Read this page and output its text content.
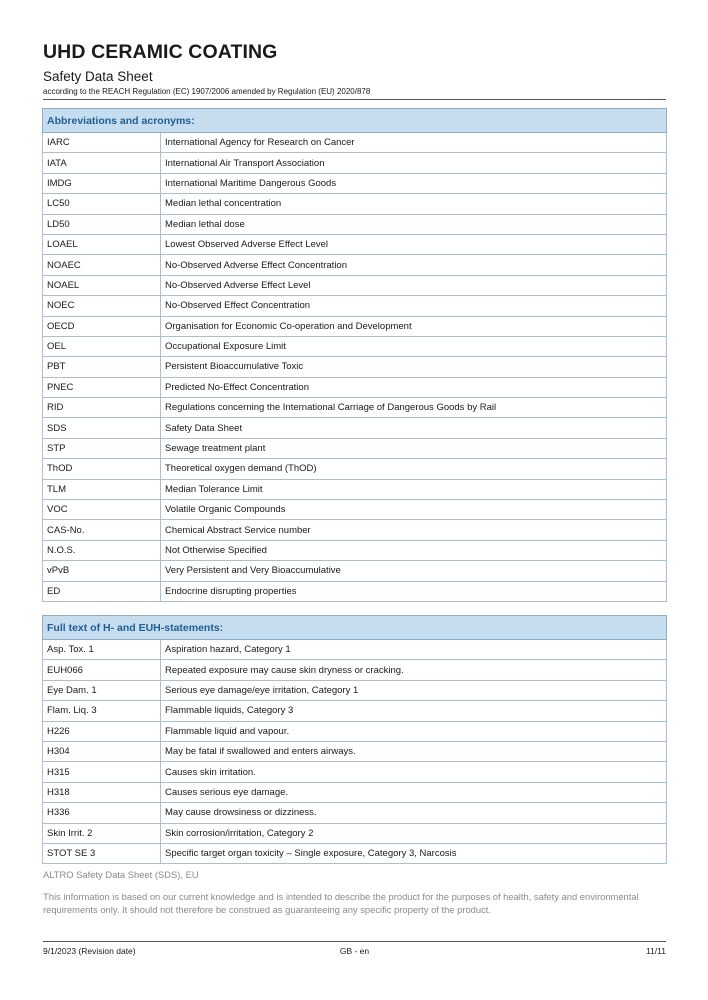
UHD CERAMIC COATING
Safety Data Sheet
according to the REACH Regulation (EC) 1907/2006 amended by Regulation (EU) 2020/878
Abbreviations and acronyms:	
IARC	International Agency for Research on Cancer
IATA	International Air Transport Association
IMDG	International Maritime Dangerous Goods
LC50	Median lethal concentration
LD50	Median lethal dose
LOAEL	Lowest Observed Adverse Effect Level
NOAEC	No-Observed Adverse Effect Concentration
NOAEL	No-Observed Adverse Effect Level
NOEC	No-Observed Effect Concentration
OECD	Organisation for Economic Co-operation and Development
OEL	Occupational Exposure Limit
PBT	Persistent Bioaccumulative Toxic
PNEC	Predicted No-Effect Concentration
RID	Regulations concerning the International Carriage of Dangerous Goods by Rail
SDS	Safety Data Sheet
STP	Sewage treatment plant
ThOD	Theoretical oxygen demand (ThOD)
TLM	Median Tolerance Limit
VOC	Volatile Organic Compounds
CAS-No.	Chemical Abstract Service number
N.O.S.	Not Otherwise Specified
vPvB	Very Persistent and Very Bioaccumulative
ED	Endocrine disrupting properties
Full text of H- and EUH-statements:	
Asp. Tox. 1	Aspiration hazard, Category 1
EUH066	Repeated exposure may cause skin dryness or cracking.
Eye Dam. 1	Serious eye damage/eye irritation, Category 1
Flam. Liq. 3	Flammable liquids, Category 3
H226	Flammable liquid and vapour.
H304	May be fatal if swallowed and enters airways.
H315	Causes skin irritation.
H318	Causes serious eye damage.
H336	May cause drowsiness or dizziness.
Skin Irrit. 2	Skin corrosion/irritation, Category 2
STOT SE 3	Specific target organ toxicity – Single exposure, Category 3, Narcosis
ALTRO Safety Data Sheet (SDS), EU
This information is based on our current knowledge and is intended to describe the product for the purposes of health, safety and environmental requirements only. It should not therefore be construed as guaranteeing any specific property of the product.
9/1/2023 (Revision date)	GB - en	11/11
